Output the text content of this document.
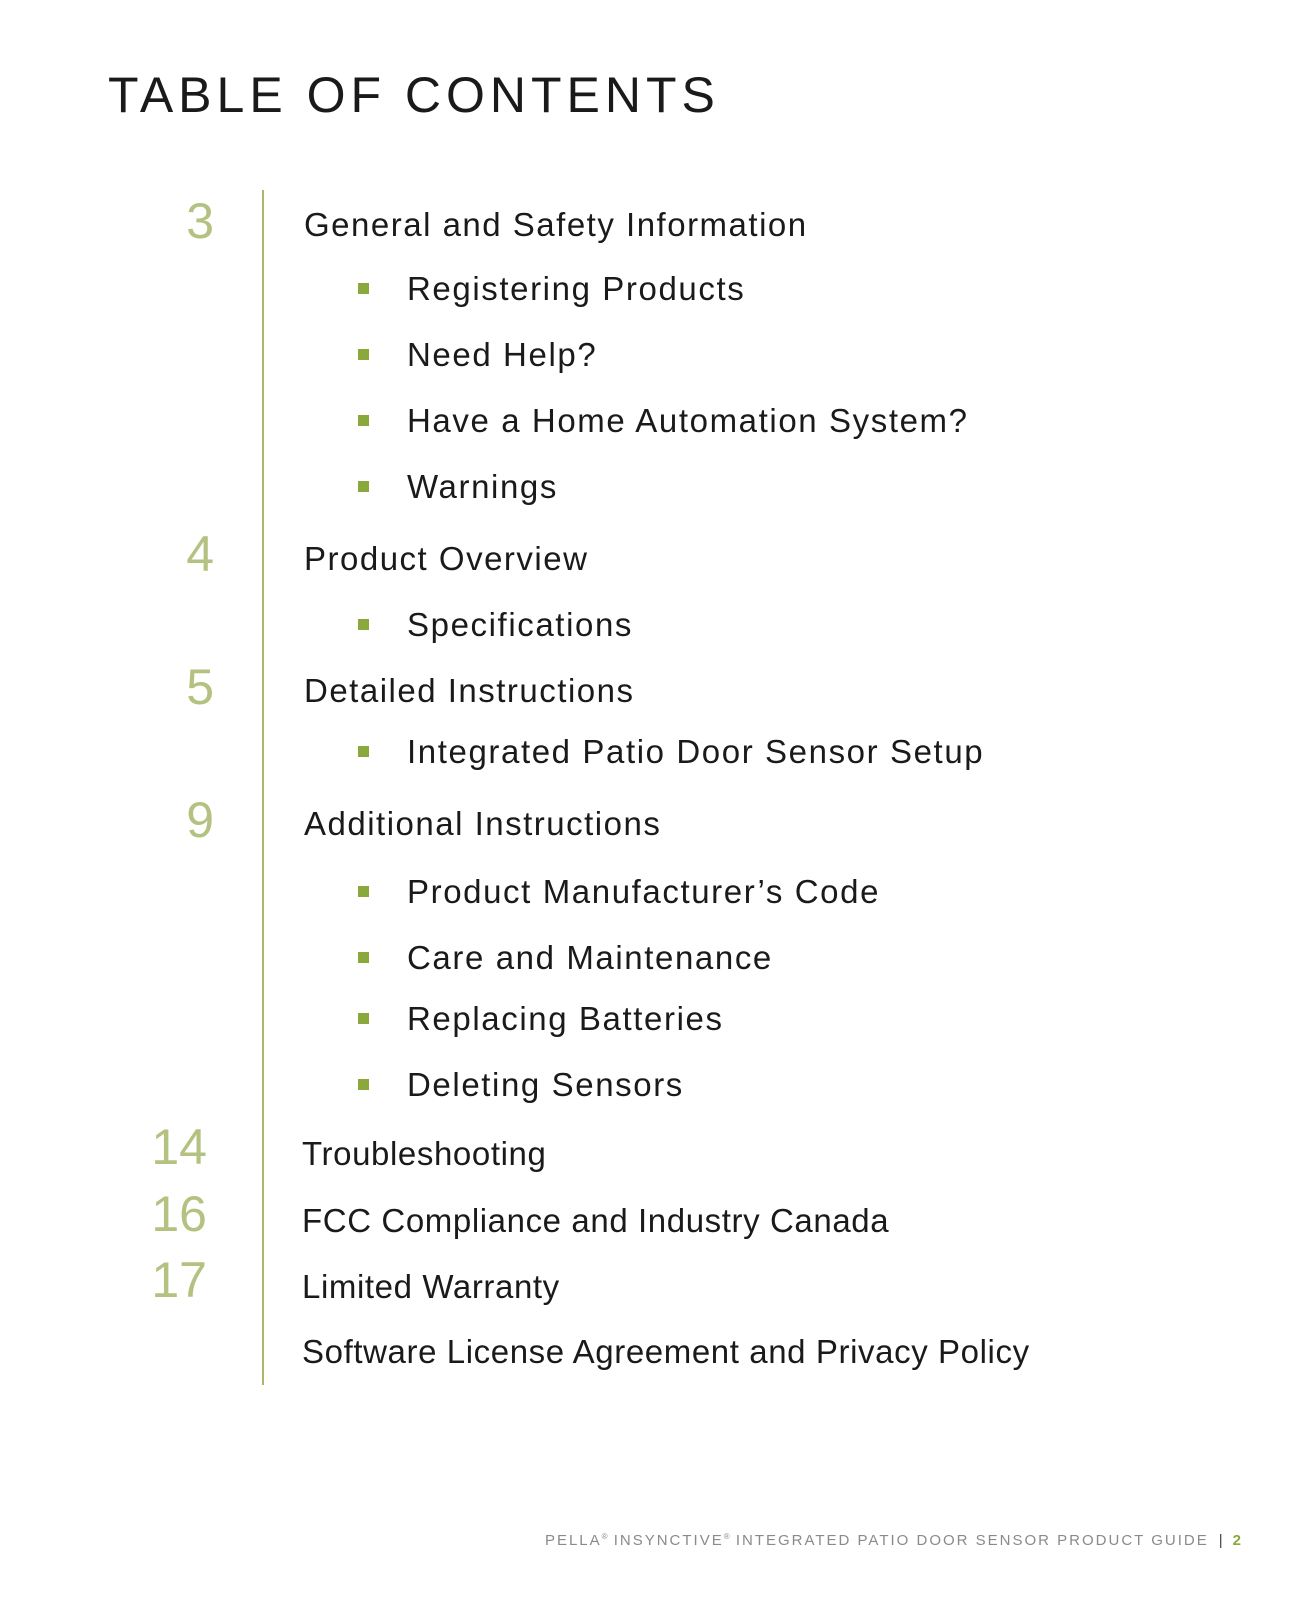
TABLE OF CONTENTS
3	General and Safety Information
Registering Products
Need Help?
Have a Home Automation System?
Warnings
4	Product Overview
Specifications
5	Detailed Instructions
Integrated Patio Door Sensor Setup
9	Additional Instructions
Product Manufacturer’s Code
Care and Maintenance
Replacing Batteries
Deleting Sensors
14	Troubleshooting
16	FCC Compliance and Industry Canada
17	Limited Warranty
Software License Agreement and Privacy Policy
PELLA® INSYNCTIVE® INTEGRATED PATIO DOOR SENSOR PRODUCT GUIDE | 2
